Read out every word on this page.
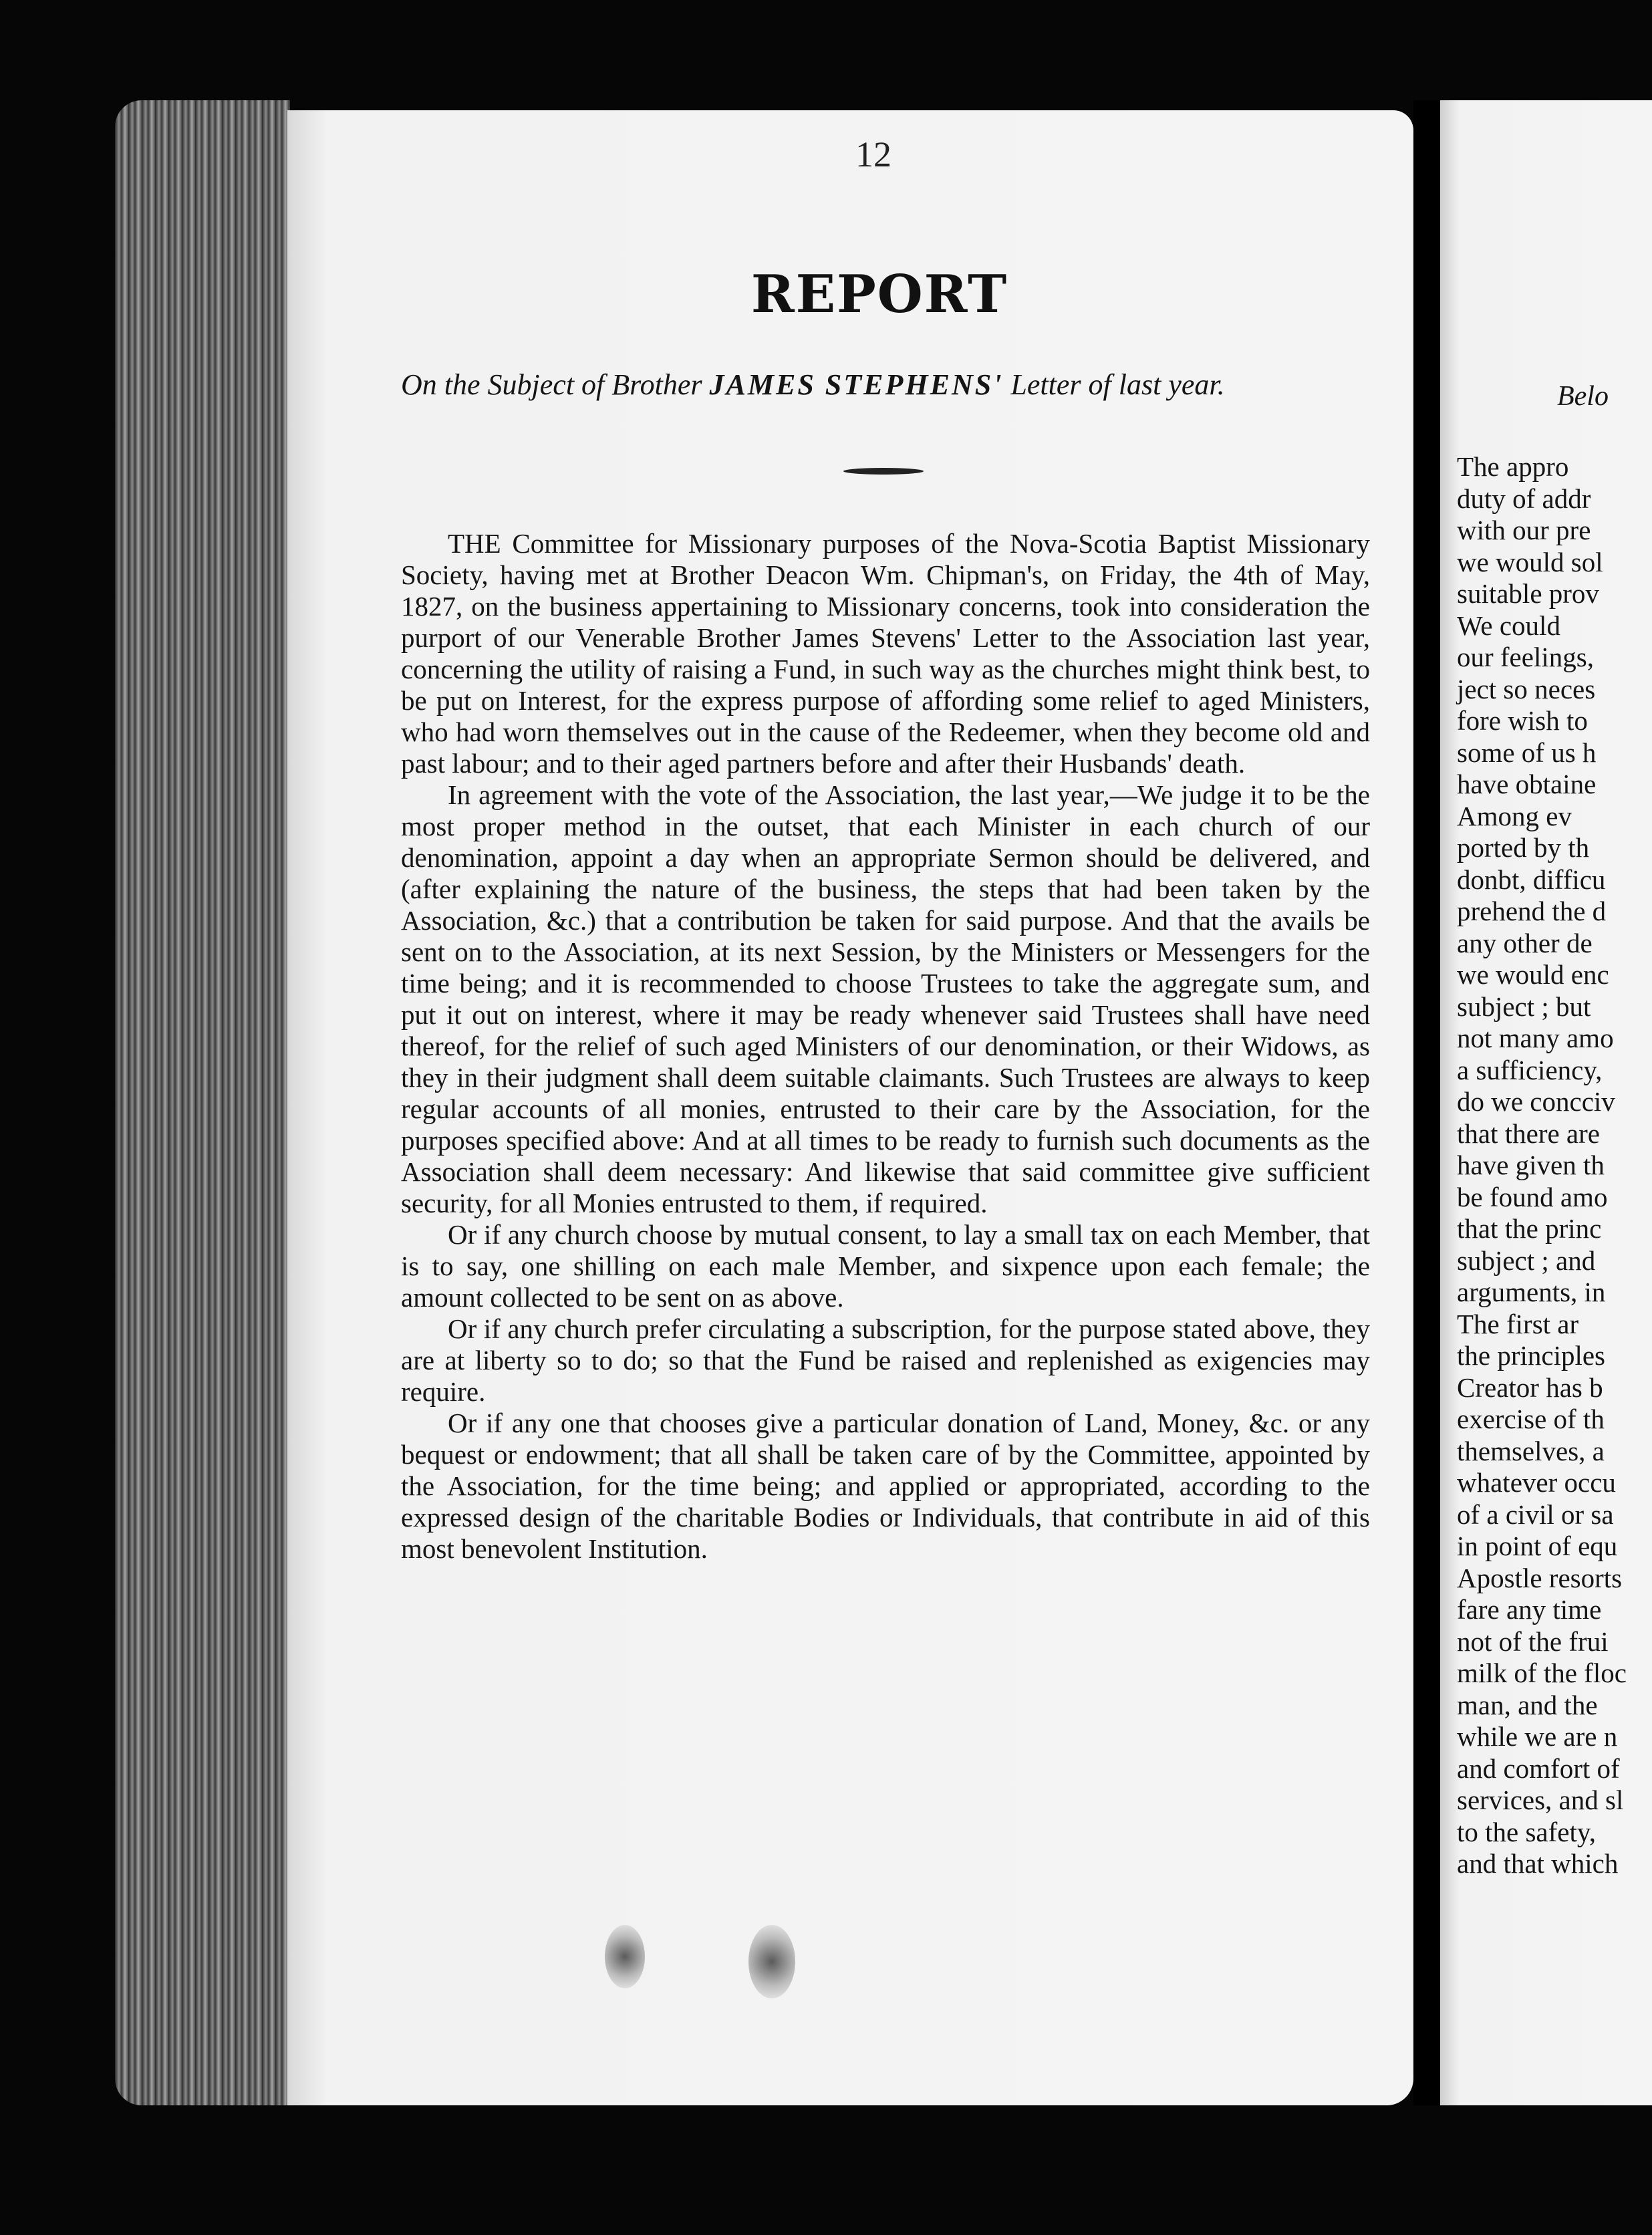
12
REPORT
On the Subject of Brother JAMES STEPHENS' Letter of last year.

THE Committee for Missionary purposes of the Nova-Scotia Baptist Missionary Society, having met at Brother Deacon Wm. Chipman's, on Friday, the 4th of May, 1827, on the business appertaining to Missionary concerns, took into consideration the purport of our Venerable Brother James Stevens' Letter to the Association last year, concerning the utility of raising a Fund, in such way as the churches might think best, to be put on Interest, for the express purpose of affording some relief to aged Ministers, who had worn themselves out in the cause of the Redeemer, when they become old and past labour; and to their aged partners before and after their Husbands' death.

In agreement with the vote of the Association, the last year,—We judge it to be the most proper method in the outset, that each Minister in each church of our denomination, appoint a day when an appropriate Sermon should be delivered, and (after explaining the nature of the business, the steps that had been taken by the Association, &c.) that a contribution be taken for said purpose. And that the avails be sent on to the Association, at its next Session, by the Ministers or Messengers for the time being; and it is recommended to choose Trustees to take the aggregate sum, and put it out on interest, where it may be ready whenever said Trustees shall have need thereof, for the relief of such aged Ministers of our denomination, or their Widows, as they in their judgment shall deem suitable claimants. Such Trustees are always to keep regular accounts of all monies, entrusted to their care by the Association, for the purposes specified above: And at all times to be ready to furnish such documents as the Association shall deem necessary: And likewise that said committee give sufficient security, for all Monies entrusted to them, if required.

Or if any church choose by mutual consent, to lay a small tax on each Member, that is to say, one shilling on each male Member, and sixpence upon each female; the amount collected to be sent on as above.

Or if any church prefer circulating a subscription, for the purpose stated above, they are at liberty so to do; so that the Fund be raised and replenished as exigencies may require.

Or if any one that chooses give a particular donation of Land, Money, &c. or any bequest or endowment; that all shall be taken care of by the Committee, appointed by the Association, for the time being; and applied or appropriated, according to the expressed design of the charitable Bodies or Individuals, that contribute in aid of this most benevolent Institution.

Belo
The appro
duty of addr
with our pre
we would sol
suitable prov
We could
our feelings,
ject so neces
fore wish to
some of us h
have obtaine
Among ev
ported by th
donbt, difficu
prehend the d
any other de
we would enc
subject ; but
not many amo
a sufficiency,
do we concciv
that there are
have given th
be found amo
that the princ
subject ; and
arguments, in
The first ar
the principles
Creator has b
exercise of th
themselves, a
whatever occu
of a civil or sa
in point of equ
Apostle resorts
fare any time
not of the frui
milk of the floc
man, and the
while we are n
and comfort of
services, and sl
to the safety,
and that which
